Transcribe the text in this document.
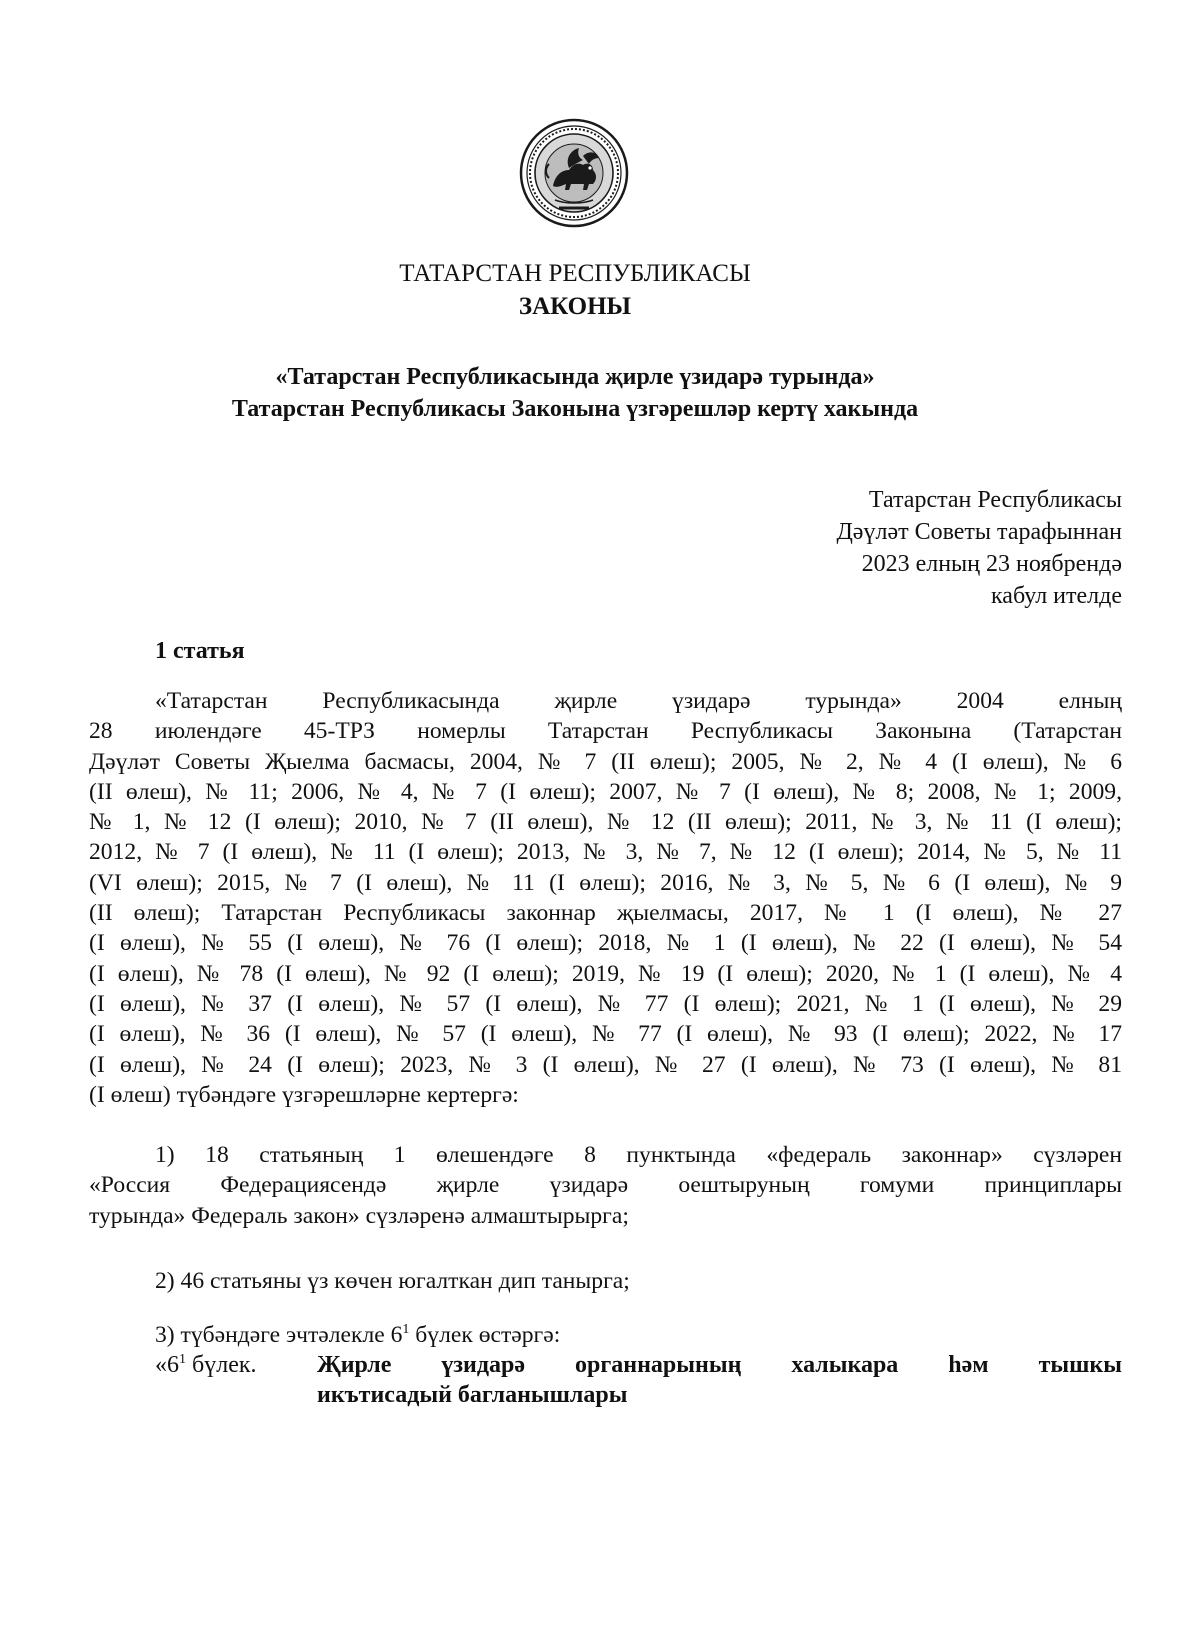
ТАТАРСТАН РЕСПУБЛИКАСЫ
ЗАКОНЫ
«Татарстан Республикасында җирле үзидарә турында»
Татарстан Республикасы Законына үзгәрешләр кертү хакында
Татарстан Республикасы
Дәүләт Советы тарафыннан
2023 елның 23 ноябрендә
кабул ителде
1 статья
«Татарстан Республикасында җирле үзидарә турында» 2004 елның
28 июлендәге 45-ТРЗ номерлы Татарстан Республикасы Законына (Татарстан
Дәүләт Советы Җыелма басмасы, 2004, № 7 (II өлеш); 2005, № 2, № 4 (I өлеш), № 6
(II өлеш), № 11; 2006, № 4, № 7 (I өлеш); 2007, № 7 (I өлеш), № 8; 2008, № 1; 2009,
№ 1, № 12 (I өлеш); 2010, № 7 (II өлеш), № 12 (II өлеш); 2011, № 3, № 11 (I өлеш);
2012, № 7 (I өлеш), № 11 (I өлеш); 2013, № 3, № 7, № 12 (I өлеш); 2014, № 5, № 11
(VI өлеш); 2015, № 7 (I өлеш), № 11 (I өлеш); 2016, № 3, № 5, № 6 (I өлеш), № 9
(II өлеш); Татарстан Республикасы законнар җыелмасы, 2017, № 1 (I өлеш), № 27
(I өлеш), № 55 (I өлеш), № 76 (I өлеш); 2018, № 1 (I өлеш), № 22 (I өлеш), № 54
(I өлеш), № 78 (I өлеш), № 92 (I өлеш); 2019, № 19 (I өлеш); 2020, № 1 (I өлеш), № 4
(I өлеш), № 37 (I өлеш), № 57 (I өлеш), № 77 (I өлеш); 2021, № 1 (I өлеш), № 29
(I өлеш), № 36 (I өлеш), № 57 (I өлеш), № 77 (I өлеш), № 93 (I өлеш); 2022, № 17
(I өлеш), № 24 (I өлеш); 2023, № 3 (I өлеш), № 27 (I өлеш), № 73 (I өлеш), № 81
(I өлеш) түбәндәге үзгәрешләрне кертергә:
1) 18 статьяның 1 өлешендәге 8 пунктында «федераль законнар» сүзләрен
«Россия Федерациясендә җирле үзидарә оештыруның гомуми принциплары
турында» Федераль закон» сүзләренә алмаштырырга;
2) 46 статьяны үз көчен югалткан дип танырга;
3) түбәндәге эчтәлекле $6^1$ бүлек өстәргә:
«$6^1$ бүлек.	Җирле үзидарә органнарының халыкара һәм тышкы
икътисадый багланышлары
